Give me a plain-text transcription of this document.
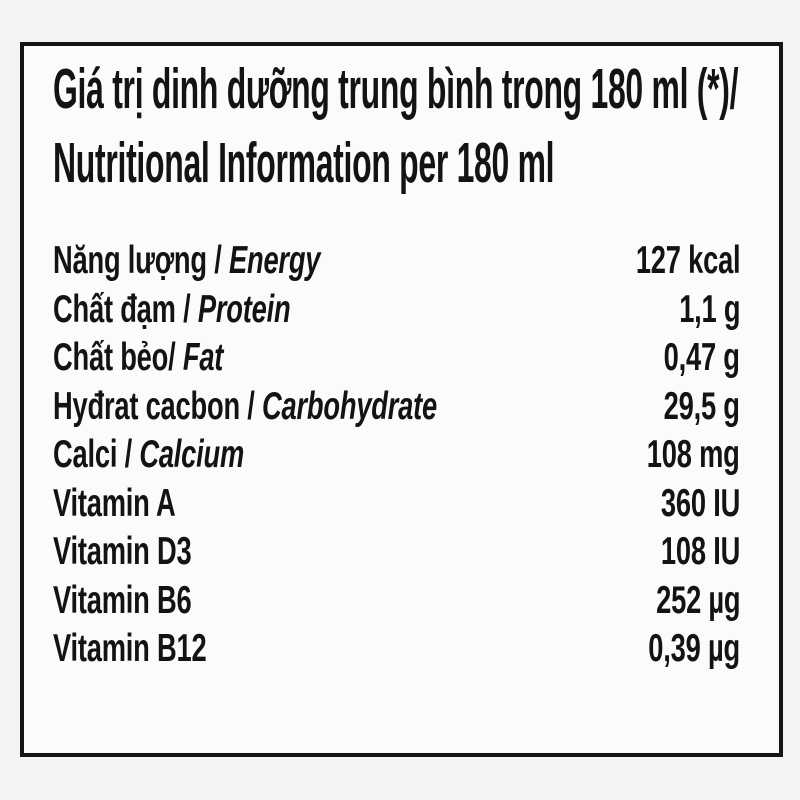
Giá trị dinh dưỡng trung bình trong 180 ml (*)/
Nutritional Information per 180 ml
Năng lượng / Energy	127 kcal
Chất đạm / Protein	1,1 g
Chất bẻo/ Fat	0,47 g
Hyđrat cacbon / Carbohydrate	29,5 g
Calci / Calcium	108 mg
Vitamin A	360 IU
Vitamin D3	108 IU
Vitamin B6	252 µg
Vitamin B12	0,39 µg
